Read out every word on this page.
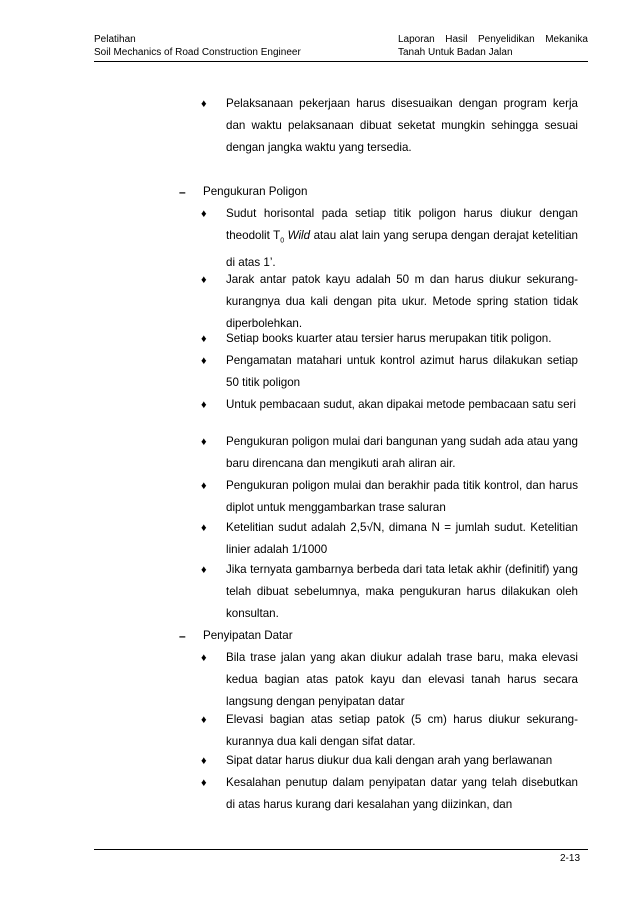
Pelatihan
Soil Mechanics of Road Construction Engineer
Laporan Hasil Penyelidikan Mekanika
Tanah Untuk Badan Jalan
♦ Pelaksanaan pekerjaan harus disesuaikan dengan program kerja dan waktu pelaksanaan dibuat seketat mungkin sehingga sesuai dengan jangka waktu yang tersedia.
– Pengukuran Poligon
♦ Sudut horisontal pada setiap titik poligon harus diukur dengan theodolit $T_0$ Wild atau alat lain yang serupa dengan derajat ketelitian di atas 1’.
♦ Jarak antar patok kayu adalah 50 m dan harus diukur sekurang-kurangnya dua kali dengan pita ukur. Metode spring station tidak diperbolehkan.
♦ Setiap books kuarter atau tersier harus merupakan titik poligon.
♦ Pengamatan matahari untuk kontrol azimut harus dilakukan setiap 50 titik poligon
♦ Untuk pembacaan sudut, akan dipakai metode pembacaan satu seri
♦ Pengukuran poligon mulai dari bangunan yang sudah ada atau yang baru direncana dan mengikuti arah aliran air.
♦ Pengukuran poligon mulai dan berakhir pada titik kontrol, dan harus diplot untuk menggambarkan trase saluran
♦ Ketelitian sudut adalah 2,5√N, dimana N = jumlah sudut. Ketelitian linier adalah 1/1000
♦ Jika ternyata gambarnya berbeda dari tata letak akhir (definitif) yang telah dibuat sebelumnya, maka pengukuran harus dilakukan oleh konsultan.
– Penyipatan Datar
♦ Bila trase jalan yang akan diukur adalah trase baru, maka elevasi kedua bagian atas patok kayu dan elevasi tanah harus secara langsung dengan penyipatan datar
♦ Elevasi bagian atas setiap patok (5 cm) harus diukur sekurang-kurannya dua kali dengan sifat datar.
♦ Sipat datar harus diukur dua kali dengan arah yang berlawanan
♦ Kesalahan penutup dalam penyipatan datar yang telah disebutkan di atas harus kurang dari kesalahan yang diizinkan, dan
2-13
